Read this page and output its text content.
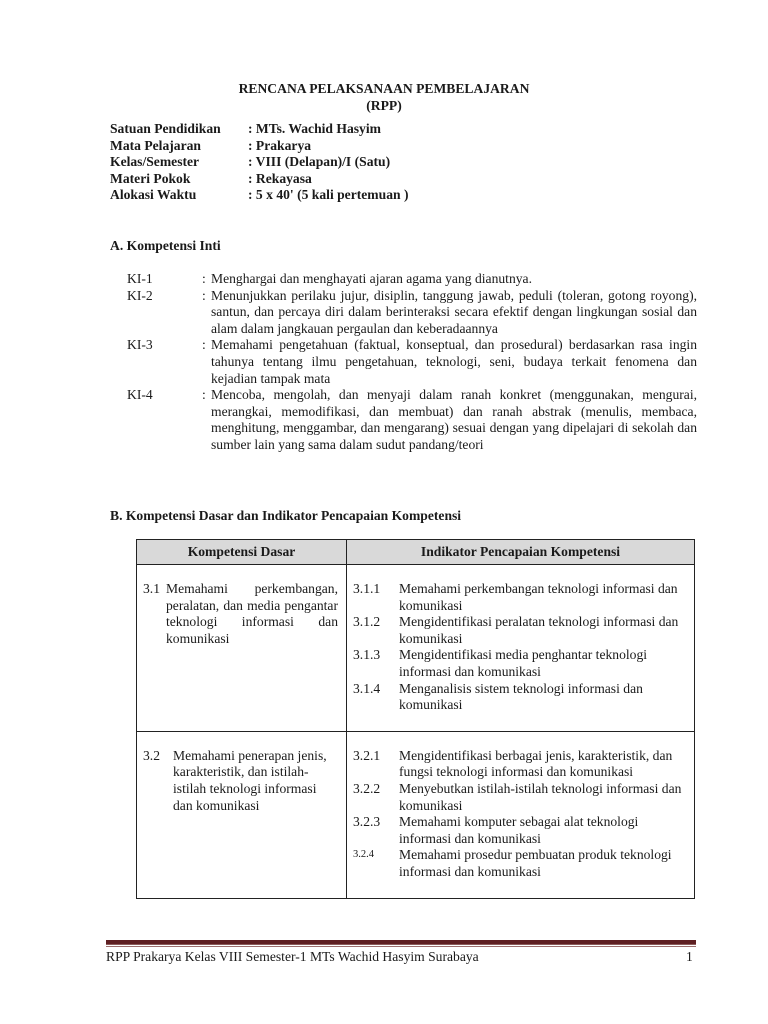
RENCANA PELAKSANAAN PEMBELAJARAN
(RPP)
Satuan Pendidikan	: MTs. Wachid Hasyim
Mata Pelajaran	: Prakarya
Kelas/Semester	: VIII (Delapan)/I (Satu)
Materi Pokok	: Rekayasa
Alokasi Waktu	: 5 x 40' (5 kali pertemuan )
A. Kompetensi Inti
KI-1	: Menghargai dan menghayati ajaran agama yang dianutnya.
KI-2	: Menunjukkan perilaku jujur, disiplin, tanggung jawab, peduli (toleran, gotong royong), santun, dan percaya diri dalam berinteraksi secara efektif dengan lingkungan sosial dan alam dalam jangkauan pergaulan dan keberadaannya
KI-3	: Memahami pengetahuan (faktual, konseptual, dan prosedural) berdasarkan rasa ingin tahunya tentang ilmu pengetahuan, teknologi, seni, budaya terkait fenomena dan kejadian tampak mata
KI-4	: Mencoba, mengolah, dan menyaji dalam ranah konkret (menggunakan, mengurai, merangkai, memodifikasi, dan membuat) dan ranah abstrak (menulis, membaca, menghitung, menggambar, dan mengarang) sesuai dengan yang dipelajari di sekolah dan sumber lain yang sama dalam sudut pandang/teori
B. Kompetensi Dasar dan Indikator Pencapaian Kompetensi
Kompetensi Dasar	Indikator Pencapaian Kompetensi

3.1 Memahami perkembangan, peralatan, dan media pengantar teknologi informasi dan komunikasi

3.1.1	Memahami perkembangan teknologi informasi dan komunikasi
3.1.2	Mengidentifikasi peralatan teknologi informasi dan komunikasi
3.1.3	Mengidentifikasi media penghantar teknologi informasi dan komunikasi
3.1.4	Menganalisis sistem teknologi informasi dan komunikasi

3.2 Memahami penerapan jenis, karakteristik, dan istilah-istilah teknologi informasi dan komunikasi

3.2.1	Mengidentifikasi berbagai jenis, karakteristik, dan fungsi teknologi informasi dan komunikasi
3.2.2	Menyebutkan istilah-istilah teknologi informasi dan komunikasi
3.2.3	Memahami komputer sebagai alat teknologi informasi dan komunikasi
3.2.4	Memahami prosedur pembuatan produk teknologi informasi dan komunikasi
RPP Prakarya Kelas VIII Semester-1 MTs Wachid Hasyim Surabaya	1
